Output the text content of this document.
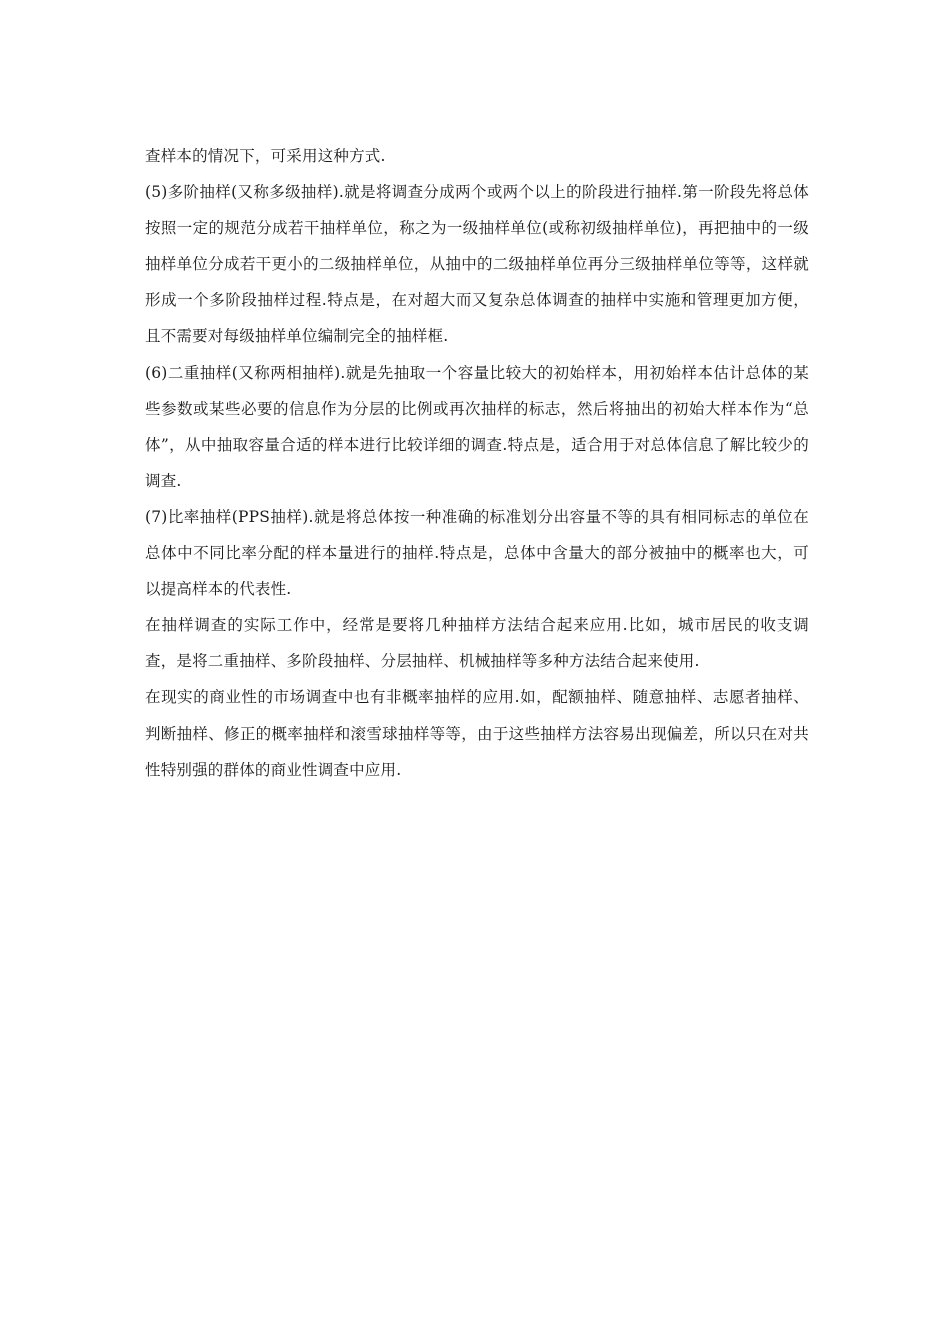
查样本的情况下，可采用这种方式.

(5)多阶抽样(又称多级抽样).就是将调查分成两个或两个以上的阶段进行抽样.第一阶段先将总体按照一定的规范分成若干抽样单位，称之为一级抽样单位(或称初级抽样单位)，再把抽中的一级抽样单位分成若干更小的二级抽样单位，从抽中的二级抽样单位再分三级抽样单位等等，这样就形成一个多阶段抽样过程.特点是，在对超大而又复杂总体调查的抽样中实施和管理更加方便，且不需要对每级抽样单位编制完全的抽样框.

(6)二重抽样(又称两相抽样).就是先抽取一个容量比较大的初始样本，用初始样本估计总体的某些参数或某些必要的信息作为分层的比例或再次抽样的标志，然后将抽出的初始大样本作为“总体”，从中抽取容量合适的样本进行比较详细的调查.特点是，适合用于对总体信息了解比较少的调查.

(7)比率抽样(PPS抽样).就是将总体按一种准确的标准划分出容量不等的具有相同标志的单位在总体中不同比率分配的样本量进行的抽样.特点是，总体中含量大的部分被抽中的概率也大，可以提高样本的代表性.

在抽样调查的实际工作中，经常是要将几种抽样方法结合起来应用.比如，城市居民的收支调查，是将二重抽样、多阶段抽样、分层抽样、机械抽样等多种方法结合起来使用.

在现实的商业性的市场调查中也有非概率抽样的应用.如，配额抽样、随意抽样、志愿者抽样、判断抽样、修正的概率抽样和滚雪球抽样等等，由于这些抽样方法容易出现偏差，所以只在对共性特别强的群体的商业性调查中应用.
